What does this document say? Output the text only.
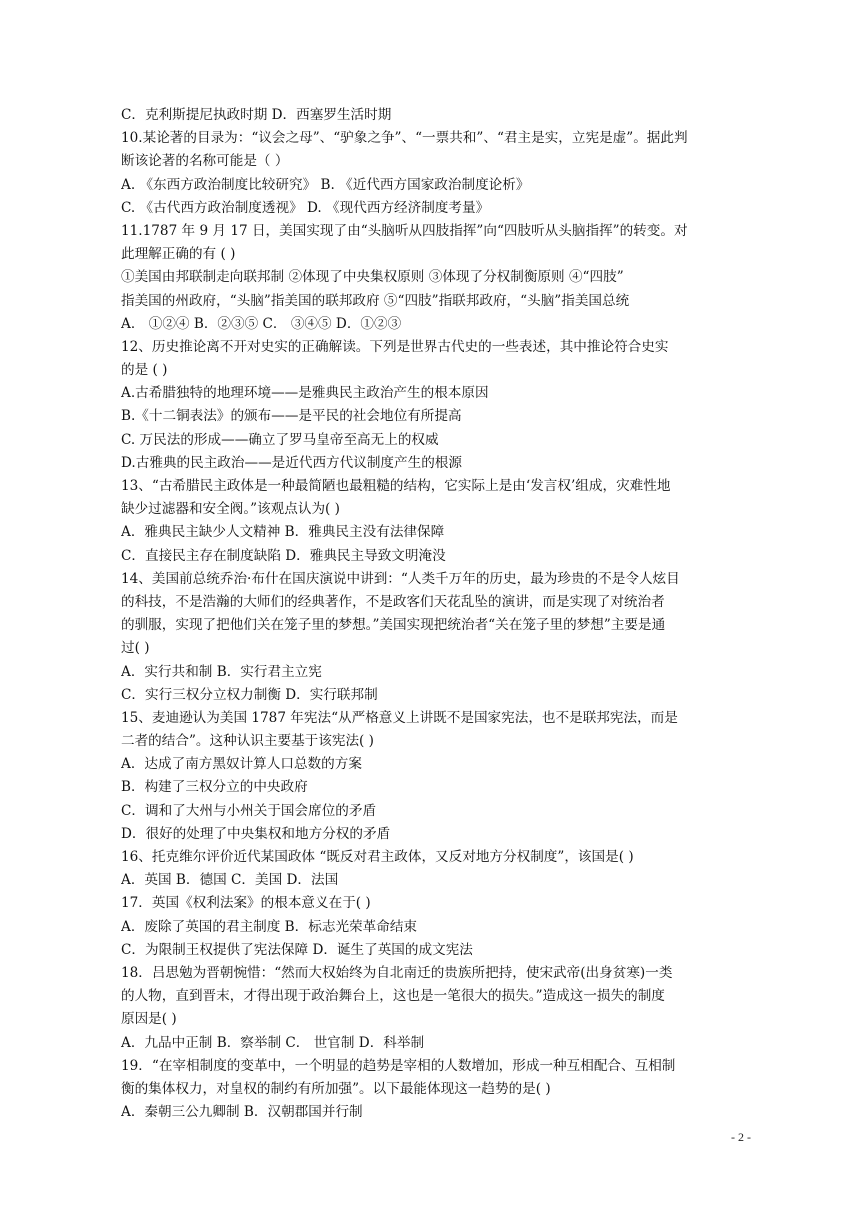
C．克利斯提尼执政时期 D．西塞罗生活时期
10.某论著的目录为：“议会之母”、“驴象之争”、“一票共和”、“君主是实，立宪是虚”。据此判
断该论著的名称可能是（ ）
A. 《东西方政治制度比较研究》 B. 《近代西方国家政治制度论析》
C. 《古代西方政治制度透视》 D. 《现代西方经济制度考量》
11.1787 年 9 月 17 日，美国实现了由“头脑听从四肢指挥”向“四肢听从头脑指挥”的转变。对
此理解正确的有 ( )
①美国由邦联制走向联邦制 ②体现了中央集权原则 ③体现了分权制衡原则 ④“四肢”
指美国的州政府，“头脑”指美国的联邦政府 ⑤“四肢”指联邦政府，“头脑”指美国总统
A． ①②④ B．②③⑤ C． ③④⑤ D．①②③
12、历史推论离不开对史实的正确解读。下列是世界古代史的一些表述，其中推论符合史实
的是 ( )
A.古希腊独特的地理环境——是雅典民主政治产生的根本原因
B.《十二铜表法》的颁布——是平民的社会地位有所提高
C. 万民法的形成——确立了罗马皇帝至高无上的权威
D.古雅典的民主政治——是近代西方代议制度产生的根源
13、“古希腊民主政体是一种最简陋也最粗糙的结构，它实际上是由‘发言权’组成，灾难性地
缺少过滤器和安全阀。”该观点认为( )
A．雅典民主缺少人文精神 B．雅典民主没有法律保障
C．直接民主存在制度缺陷 D．雅典民主导致文明淹没
14、美国前总统乔治·布什在国庆演说中讲到：“人类千万年的历史，最为珍贵的不是令人炫目
的科技，不是浩瀚的大师们的经典著作，不是政客们天花乱坠的演讲，而是实现了对统治者
的驯服，实现了把他们关在笼子里的梦想。”美国实现把统治者“关在笼子里的梦想”主要是通
过( )
A．实行共和制 B．实行君主立宪
C．实行三权分立权力制衡 D．实行联邦制
15、麦迪逊认为美国 1787 年宪法“从严格意义上讲既不是国家宪法，也不是联邦宪法，而是
二者的结合”。这种认识主要基于该宪法( )
A．达成了南方黑奴计算人口总数的方案
B．构建了三权分立的中央政府
C．调和了大州与小州关于国会席位的矛盾
D．很好的处理了中央集权和地方分权的矛盾
16、托克维尔评价近代某国政体 “既反对君主政体，又反对地方分权制度”，该国是( )
A．英国 B．德国 C．美国 D．法国
17．英国《权利法案》的根本意义在于( )
A．废除了英国的君主制度 B．标志光荣革命结束
C．为限制王权提供了宪法保障 D．诞生了英国的成文宪法
18．吕思勉为晋朝惋惜：“然而大权始终为自北南迁的贵族所把持，使宋武帝(出身贫寒)一类
的人物，直到晋末，才得出现于政治舞台上，这也是一笔很大的损失。”造成这一损失的制度
原因是( )
A．九品中正制 B．察举制 C． 世官制 D．科举制
19．“在宰相制度的变革中，一个明显的趋势是宰相的人数增加，形成一种互相配合、互相制
衡的集体权力，对皇权的制约有所加强”。以下最能体现这一趋势的是( )
A．秦朝三公九卿制 B．汉朝郡国并行制
- 2 -
